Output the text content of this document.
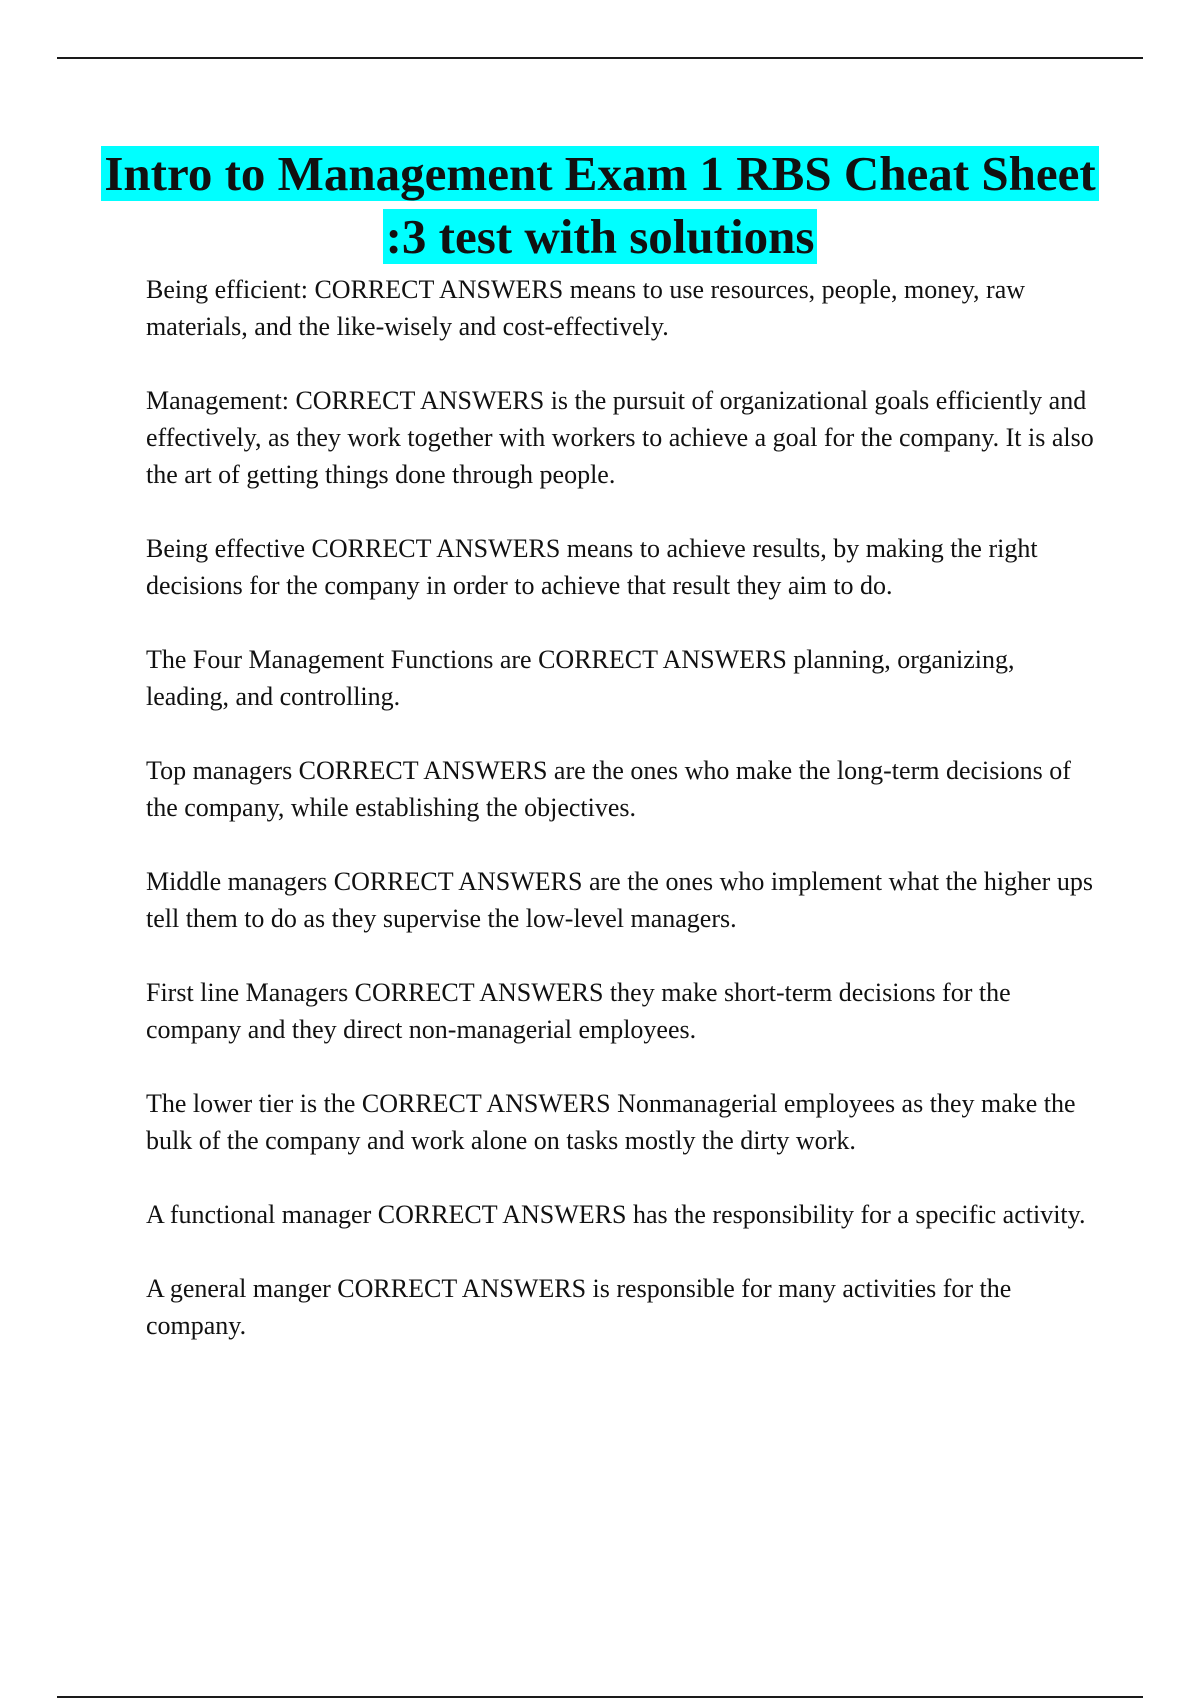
Intro to Management Exam 1 RBS Cheat Sheet :3 test with solutions

Being efficient: CORRECT ANSWERS means to use resources, people, money, raw materials, and the like-wisely and cost-effectively.

Management: CORRECT ANSWERS is the pursuit of organizational goals efficiently and effectively, as they work together with workers to achieve a goal for the company. It is also the art of getting things done through people.

Being effective CORRECT ANSWERS means to achieve results, by making the right decisions for the company in order to achieve that result they aim to do.

The Four Management Functions are CORRECT ANSWERS planning, organizing, leading, and controlling.

Top managers CORRECT ANSWERS are the ones who make the long-term decisions of the company, while establishing the objectives.

Middle managers CORRECT ANSWERS are the ones who implement what the higher ups tell them to do as they supervise the low-level managers.

First line Managers CORRECT ANSWERS they make short-term decisions for the company and they direct non-managerial employees.

The lower tier is the CORRECT ANSWERS Nonmanagerial employees as they make the bulk of the company and work alone on tasks mostly the dirty work.

A functional manager CORRECT ANSWERS has the responsibility for a specific activity.

A general manger CORRECT ANSWERS is responsible for many activities for the company.
